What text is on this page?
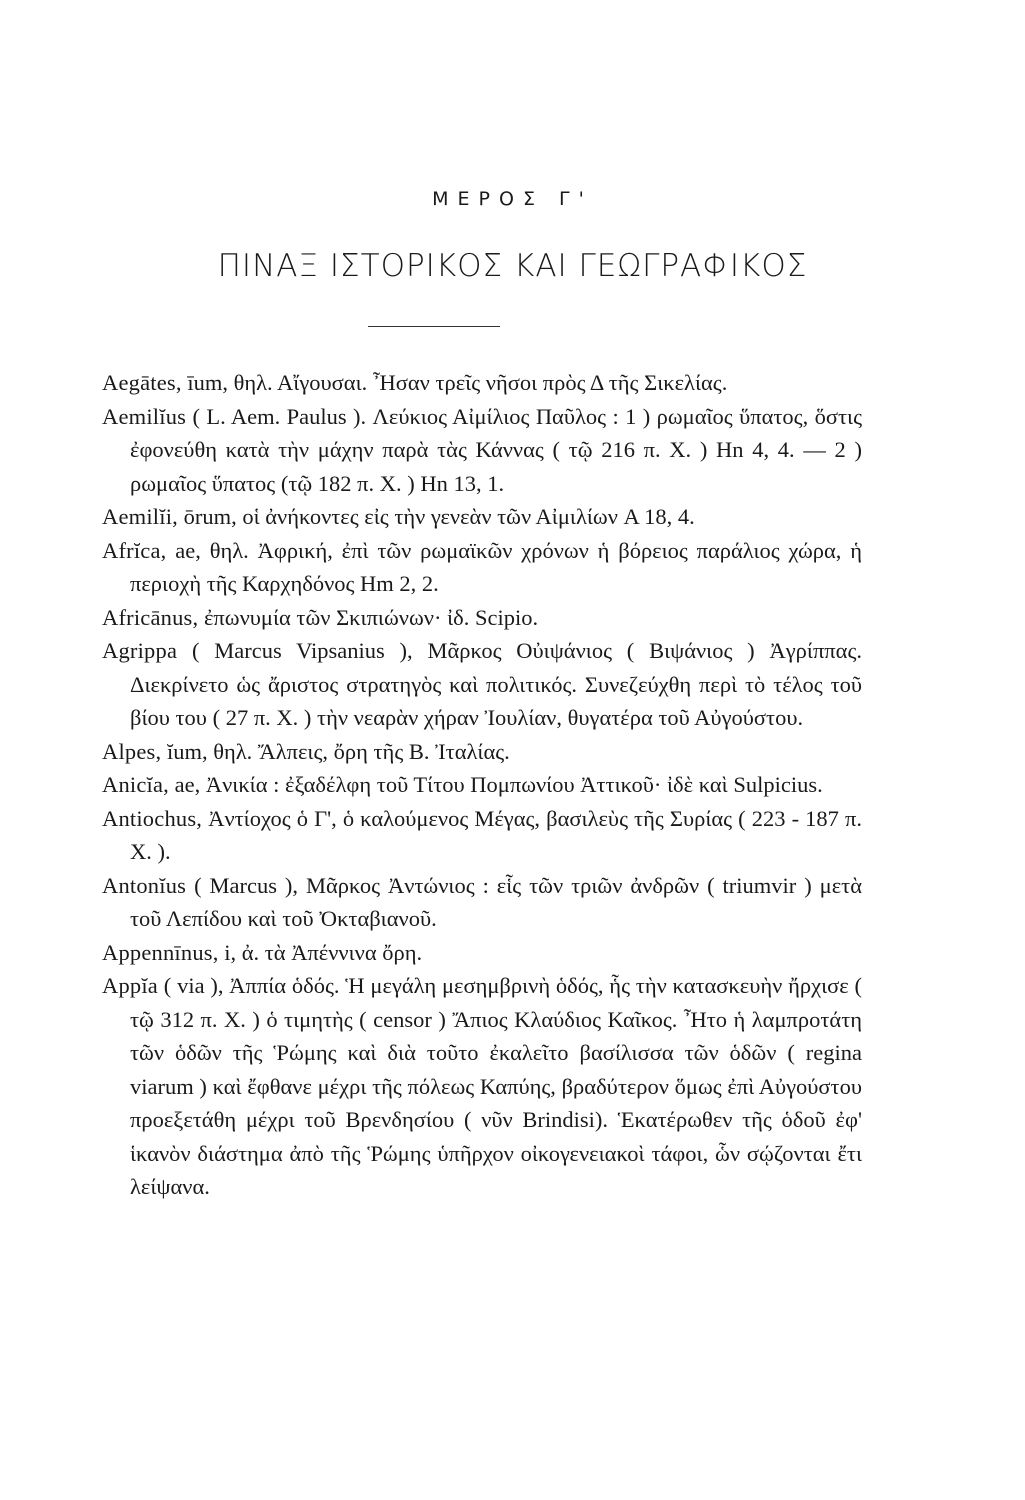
ΜΕΡΟΣ Γ'
ΠΙΝΑΞ ΙΣΤΟΡΙΚΟΣ ΚΑΙ ΓΕΩΓΡΑΦΙΚΟΣ

Aegātes, īum, θηλ. Αἴγουσαι. Ἦσαν τρεῖς νῆσοι πρὸς Δ τῆς Σικελίας.

Aemilĭus ( L. Aem. Paulus ). Λεύκιος Αἰμίλιος Παῦλος : 1 ) ρωμαῖος ὕπατος, ὅστις ἐφονεύθη κατὰ τὴν μάχην παρὰ τὰς Κάννας ( τῷ 216 π. Χ. ) Hn 4, 4. — 2 ) ρωμαῖος ὕπατος (τῷ 182 π. Χ. ) Hn 13, 1.

Aemilĭi, ōrum, οἱ ἀνήκοντες εἰς τὴν γενεὰν τῶν Αἰμιλίων A 18, 4.

Afrĭca, ae, θηλ. Ἀφρική, ἐπὶ τῶν ρωμαϊκῶν χρόνων ἡ βόρειος παράλιος χώρα, ἡ περιοχὴ τῆς Καρχηδόνος Hm 2, 2.

Africānus, ἐπωνυμία τῶν Σκιπιώνων· ἰδ. Scipio.

Agrippa ( Marcus Vipsanius ), Μᾶρκος Οὐιψάνιος ( Βιψάνιος ) Ἀγρίππας. Διεκρίνετο ὡς ἄριστος στρατηγὸς καὶ πολιτικός. Συνεζεύχθη περὶ τὸ τέλος τοῦ βίου του ( 27 π. Χ. ) τὴν νεαρὰν χήραν Ἰουλίαν, θυγατέρα τοῦ Αὐγούστου.

Alpes, ĭum, θηλ. Ἄλπεις, ὄρη τῆς Β. Ἰταλίας.

Anicĭa, ae, Ἀνικία : ἐξαδέλφη τοῦ Τίτου Πομπωνίου Ἀττικοῦ· ἰδὲ καὶ Sulpicius.

Antiochus, Ἀντίοχος ὁ Γ', ὁ καλούμενος Μέγας, βασιλεὺς τῆς Συρίας ( 223 - 187 π. Χ. ).

Antonĭus ( Marcus ), Μᾶρκος Ἀντώνιος : εἷς τῶν τριῶν ἀνδρῶν ( triumvir ) μετὰ τοῦ Λεπίδου καὶ τοῦ Ὀκταβιανοῦ.

Appennīnus, i, ἀ. τὰ Ἀπέννινα ὄρη.

Appĭa ( via ), Ἀππία ὁδός. Ἡ μεγάλη μεσημβρινὴ ὁδός, ἧς τὴν κατασκευὴν ἤρχισε ( τῷ 312 π. Χ. ) ὁ τιμητὴς ( censor ) Ἄπιος Κλαύδιος Καῖκος. Ἦτο ἡ λαμπροτάτη τῶν ὁδῶν τῆς Ῥώμης καὶ διὰ τοῦτο ἐκαλεῖτο βασίλισσα τῶν ὁδῶν ( regina viarum ) καὶ ἔφθανε μέχρι τῆς πόλεως Καπύης, βραδύτερον ὅμως ἐπὶ Αὐγούστου προεξετάθη μέχρι τοῦ Βρενδησίου ( νῦν Brindisi). Ἑκατέρωθεν τῆς ὁδοῦ ἐφ' ἱκανὸν διάστημα ἀπὸ τῆς Ῥώμης ὑπῆρχον οἰκογενειακοὶ τάφοι, ὧν σῴζονται ἔτι λείψανα.
